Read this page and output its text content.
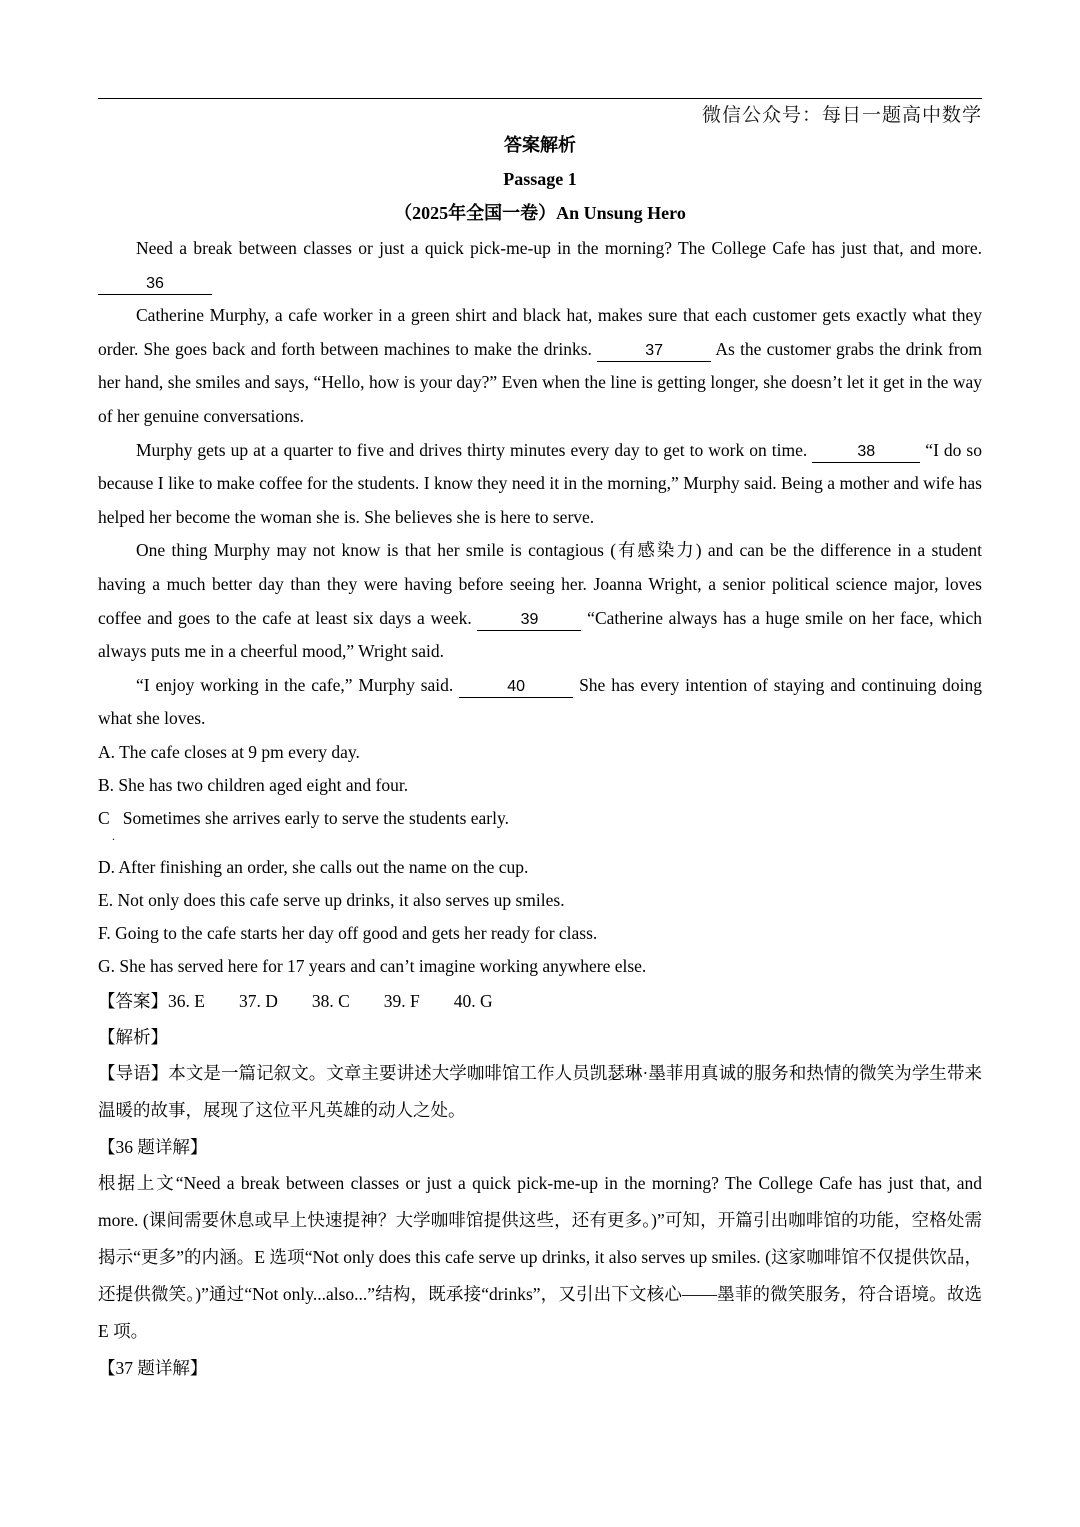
微信公众号：每日一题高中数学
答案解析
Passage 1
（2025年全国一卷）An Unsung Hero

Need a break between classes or just a quick pick-me-up in the morning? The College Cafe has just that, and more. 36

Catherine Murphy, a cafe worker in a green shirt and black hat, makes sure that each customer gets exactly what they order. She goes back and forth between machines to make the drinks.	37	As the customer grabs the drink from her hand, she smiles and says, “Hello, how is your day?” Even when the line is getting longer, she doesn’t let it get in the way of her genuine conversations.

Murphy gets up at a quarter to five and drives thirty minutes every day to get to work on time.	38	“I do so because I like to make coffee for the students. I know they need it in the morning,” Murphy said. Being a mother and wife has helped her become the woman she is. She believes she is here to serve.

One thing Murphy may not know is that her smile is contagious (有感染力) and can be the difference in a student having a much better day than they were having before seeing her. Joanna Wright, a senior political science major, loves coffee and goes to the cafe at least six days a week.	39 “Catherine always has a huge smile on her face, which always puts me in a cheerful mood,” Wright said.

“I enjoy working in the cafe,” Murphy said.	40	She has every intention of staying and continuing doing what she loves.

A. The cafe closes at 9 pm every day.

B. She has two children aged eight and four.

C   Sometimes she arrives early to serve the students early.
.

D. After finishing an order, she calls out the name on the cup.

E. Not only does this cafe serve up drinks, it also serves up smiles.

F. Going to the cafe starts her day off good and gets her ready for class.

G. She has served here for 17 years and can’t imagine working anywhere else.

【答案】36. E 37. D 38. C 39. F 40. G

【解析】

【导语】本文是一篇记叙文。文章主要讲述大学咖啡馆工作人员凯瑟琳·墨菲用真诚的服务和热情的微笑为学生带来温暖的故事，展现了这位平凡英雄的动人之处。

【36 题详解】

根据上文“Need a break between classes or just a quick pick-me-up in the morning? The College Cafe has just that, and more. (课间需要休息或早上快速提神？大学咖啡馆提供这些，还有更多。)”可知，开篇引出咖啡馆的功能，空格处需揭示“更多”的内涵。E 选项“Not only does this cafe serve up drinks, it also serves up smiles. (这家咖啡馆不仅提供饮品，还提供微笑。)”通过“Not only...also...”结构，既承接“drinks”，又引出下文核心——墨菲的微笑服务，符合语境。故选 E 项。

【37 题详解】
